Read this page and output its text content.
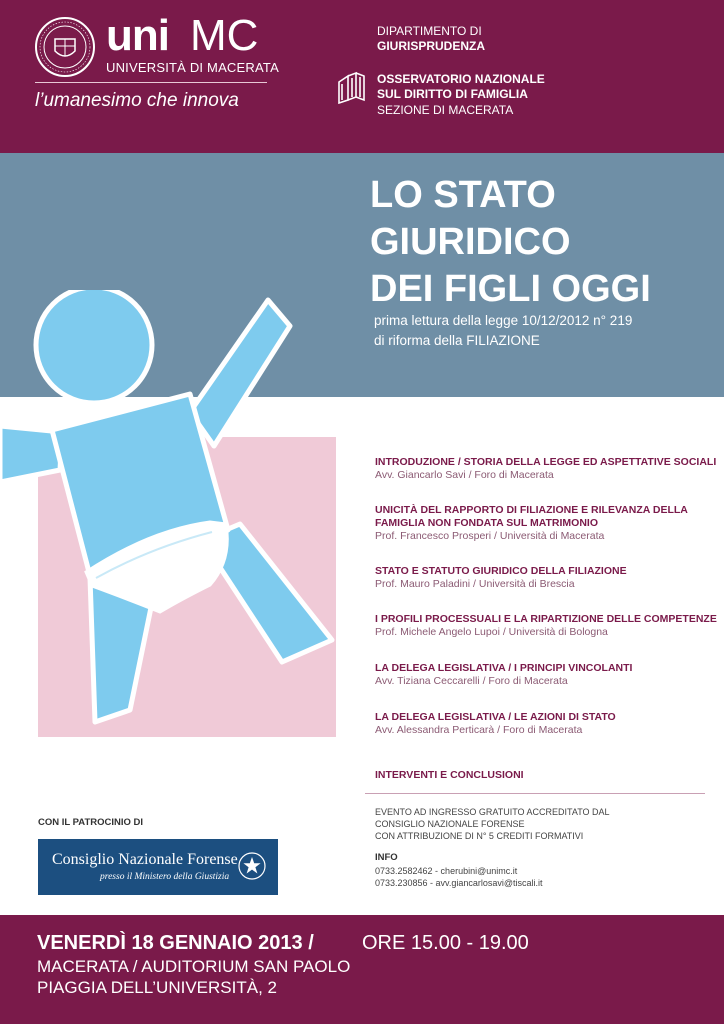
uni MC
UNIVERSITÀ DI MACERATA
l’umanesimo che innova
DIPARTIMENTO DI
GIURISPRUDENZA
OSSERVATORIO NAZIONALE
SUL DIRITTO DI FAMIGLIA
SEZIONE DI MACERATA
LO STATO
GIURIDICO
DEI FIGLI OGGI
prima lettura della legge 10/12/2012 n° 219
di riforma della FILIAZIONE
INTRODUZIONE / STORIA DELLA LEGGE ED ASPETTATIVE SOCIALI
Avv. Giancarlo Savi / Foro di Macerata
UNICITÀ DEL RAPPORTO DI FILIAZIONE E RILEVANZA DELLA
FAMIGLIA NON FONDATA SUL MATRIMONIO
Prof. Francesco Prosperi / Università di Macerata
STATO E STATUTO GIURIDICO DELLA FILIAZIONE
Prof. Mauro Paladini / Università di Brescia
I PROFILI PROCESSUALI E LA RIPARTIZIONE DELLE COMPETENZE
Prof. Michele Angelo Lupoi / Università di Bologna
LA DELEGA LEGISLATIVA / I PRINCIPI VINCOLANTI
Avv. Tiziana Ceccarelli / Foro di Macerata
LA DELEGA LEGISLATIVA / LE AZIONI DI STATO
Avv. Alessandra Perticarà / Foro di Macerata
INTERVENTI E CONCLUSIONI
CON IL PATROCINIO DI
Consiglio Nazionale Forense
presso il Ministero della Giustizia
EVENTO AD INGRESSO GRATUITO ACCREDITATO DAL
CONSIGLIO NAZIONALE FORENSE
CON ATTRIBUZIONE DI N° 5 CREDITI FORMATIVI
INFO
0733.2582462 - cherubini@unimc.it
0733.230856 - avv.giancarlosavi@tiscali.it
VENERDÌ 18 GENNAIO 2013 / ORE 15.00 - 19.00
MACERATA / AUDITORIUM SAN PAOLO
PIAGGIA DELL’UNIVERSITÀ, 2
